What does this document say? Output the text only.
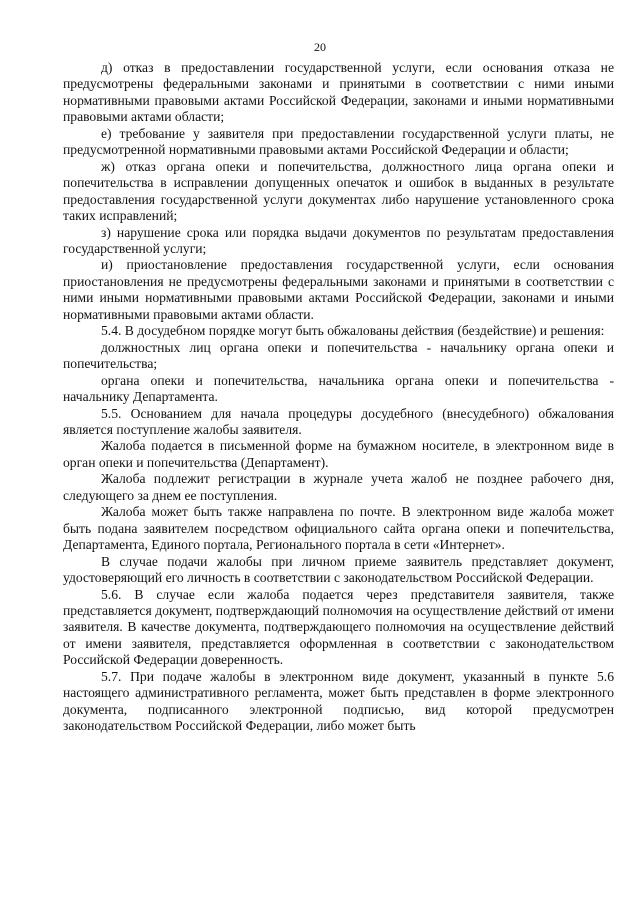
20

д) отказ в предоставлении государственной услуги, если основания отказа не предусмотрены федеральными законами и принятыми в соответствии с ними иными нормативными правовыми актами Российской Федерации, законами и иными нормативными правовыми актами области;

е) требование у заявителя при предоставлении государственной услуги платы, не предусмотренной нормативными правовыми актами Российской Федерации и области;

ж) отказ органа опеки и попечительства, должностного лица органа опеки и попечительства в исправлении допущенных опечаток и ошибок в выданных в результате предоставления государственной услуги документах либо нарушение установленного срока таких исправлений;

з) нарушение срока или порядка выдачи документов по результатам предоставления государственной услуги;

и) приостановление предоставления государственной услуги, если основания приостановления не предусмотрены федеральными законами и принятыми в соответствии с ними иными нормативными правовыми актами Российской Федерации, законами и иными нормативными правовыми актами области.

5.4. В досудебном порядке могут быть обжалованы действия (бездействие) и решения:

должностных лиц органа опеки и попечительства - начальнику органа опеки и попечительства;

органа опеки и попечительства, начальника органа опеки и попечительства - начальнику Департамента.

5.5. Основанием для начала процедуры досудебного (внесудебного) обжалования является поступление жалобы заявителя.

Жалоба подается в письменной форме на бумажном носителе, в электронном виде в орган опеки и попечительства (Департамент).

Жалоба подлежит регистрации в журнале учета жалоб не позднее рабочего дня, следующего за днем ее поступления.

Жалоба может быть также направлена по почте. В электронном виде жалоба может быть подана заявителем посредством официального сайта органа опеки и попечительства, Департамента, Единого портала, Регионального портала в сети «Интернет».

В случае подачи жалобы при личном приеме заявитель представляет документ, удостоверяющий его личность в соответствии с законодательством Российской Федерации.

5.6. В случае если жалоба подается через представителя заявителя, также представляется документ, подтверждающий полномочия на осуществление действий от имени заявителя. В качестве документа, подтверждающего полномочия на осуществление действий от имени заявителя, представляется оформленная в соответствии с законодательством Российской Федерации доверенность.

5.7. При подаче жалобы в электронном виде документ, указанный в пункте 5.6 настоящего административного регламента, может быть представлен в форме электронного документа, подписанного электронной подписью, вид которой предусмотрен законодательством Российской Федерации, либо может быть
